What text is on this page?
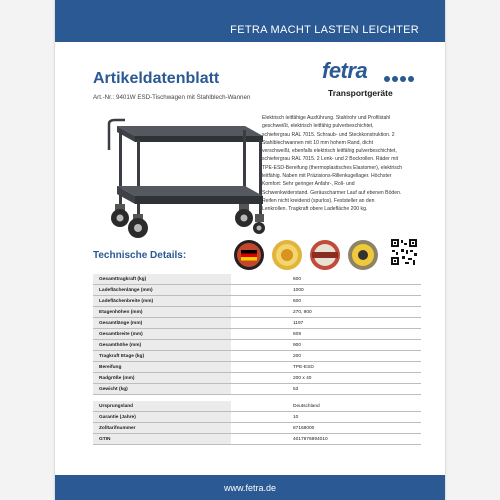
FETRA MACHT LASTEN LEICHTER
Artikeldatenblatt
Art.-Nr.: 9401W ESD-Tischwagen mit Stahlblech-Wannen
fetra
Transportgeräte
Elektrisch leitfähige Ausführung. Stahlrohr und Profilstahl
geschweißt, elektrisch leitfähig pulverbeschichtet,
schiefergrau RAL 7015. Schraub- und Steckkonstruktion. 2
Stahlblechwannen mit 10 mm hohem Rand, dicht
verschweißt, ebenfalls elektrisch leitfähig pulverbeschichtet,
schiefergrau RAL 7015. 2 Lenk- und 2 Bockrollen. Räder mit
TPE-ESD-Bereifung (thermoplastisches Elastomer), elektrisch
leitfähig. Naben mit Präzisions-Rillenkugellager. Höchster
Komfort: Sehr geringer Anfahr-, Roll- und
Schwenkwiderstand. Geräuscharmer Lauf auf ebenen Böden.
Reifen nicht kreidend (spurlos). Feststeller an den
Lenkrollen. Tragkraft obere Ladefläche 200 kg.
Technische Details:
Gesamttragkraft (kg)	600
Ladeflächenlänge (mm)	1000
Ladeflächenbreite (mm)	600
Etagenhöhen (mm)	270, 900
Gesamtlänge (mm)	1197
Gesamtbreite (mm)	609
Gesamthöhe (mm)	900
Tragkraft Etage (kg)	200
Bereifung	TPE-ESD
Radgröße (mm)	200 x 40
Gewicht (kg)	53

Ursprungsland	Deutschland
Garantie (Jahre)	10
Zolltarifnummer	87168000
GTIN	4017976894010
www.fetra.de
